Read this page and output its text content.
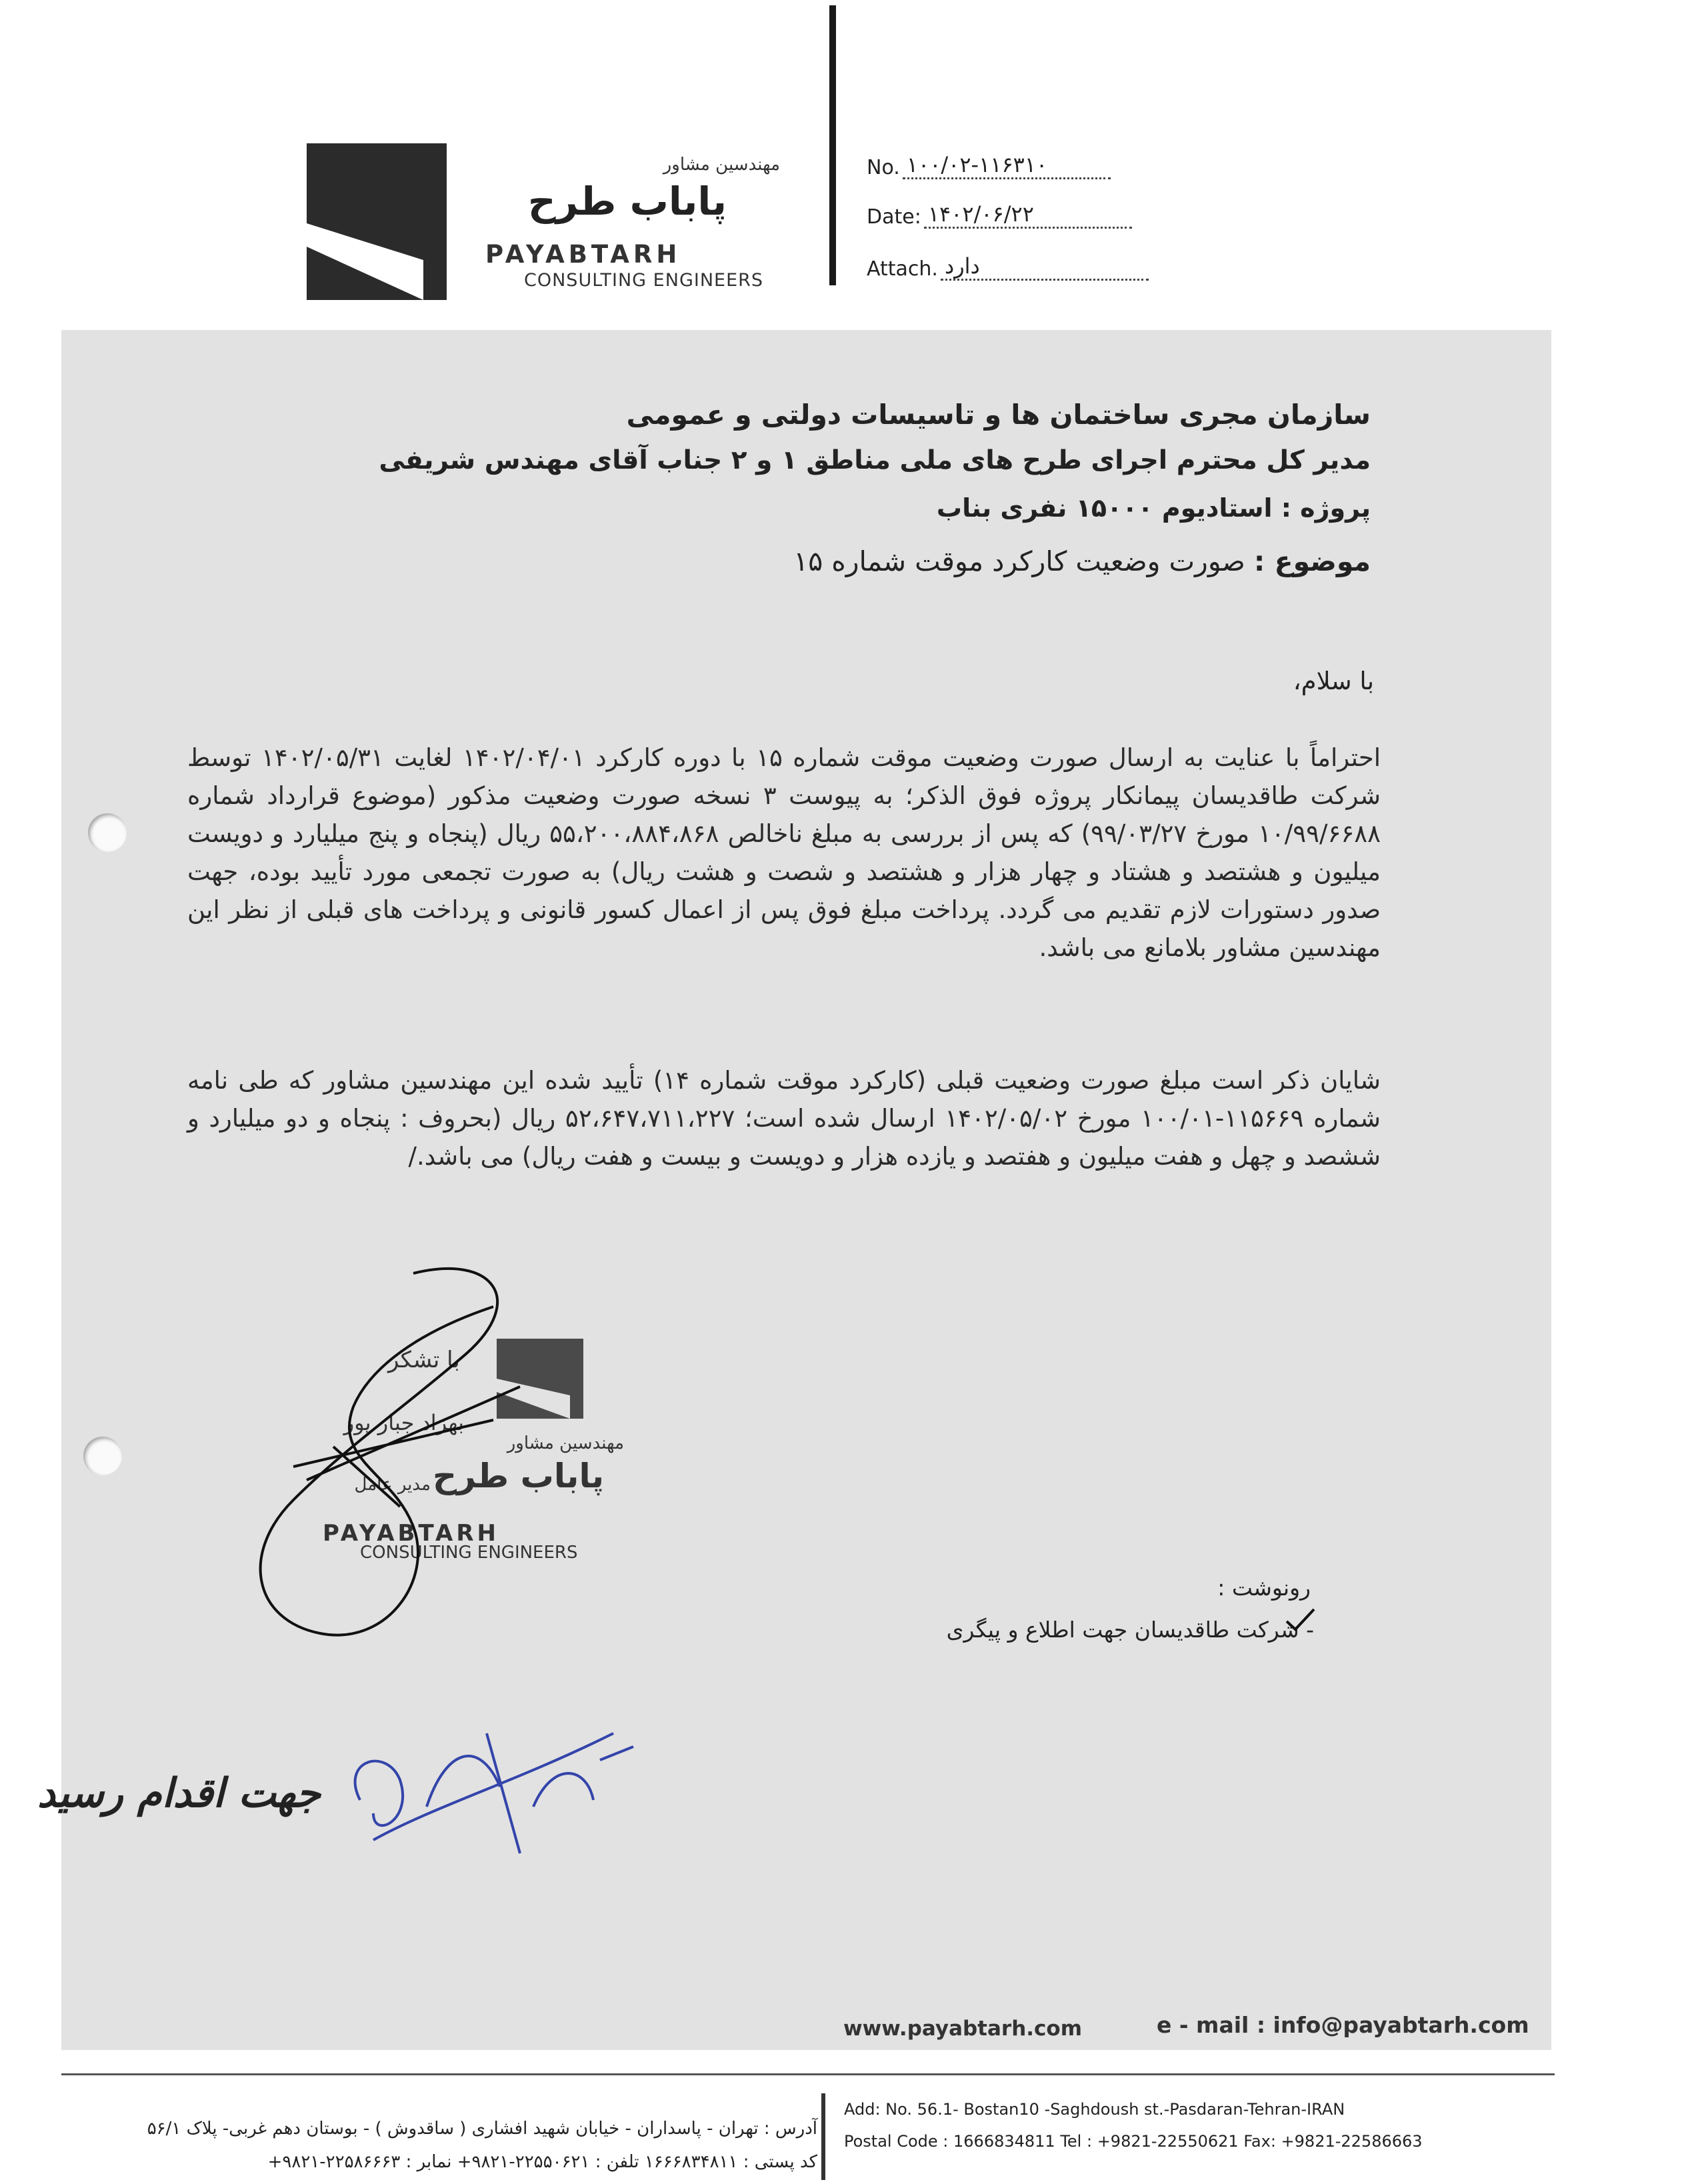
مهندسین مشاور
پاباب طرح
PAYABTARH
CONSULTING ENGINEERS
No. ۱۰۰/۰۲-۱۱۶۳۱۰
Date: ۱۴۰۲/۰۶/۲۲
Attach. دارد
سازمان مجری ساختمان ها و تاسیسات دولتی و عمومی
مدیر کل محترم اجرای طرح های ملی مناطق ۱ و ۲ جناب آقای مهندس شریفی
پروژه : استادیوم ۱۵۰۰۰ نفری بناب
موضوع : صورت وضعیت کارکرد موقت شماره ۱۵
با سلام،
احتراماً با عنایت به ارسال صورت وضعیت موقت شماره ۱۵ با دوره کارکرد ۱۴۰۲/۰۴/۰۱ لغایت ۱۴۰۲/۰۵/۳۱ توسط شرکت طاقدیسان پیمانکار پروژه فوق الذکر؛ به پیوست ۳ نسخه صورت وضعیت مذکور (موضوع قرارداد شماره ۱۰/۹۹/۶۶۸۸ مورخ ۹۹/۰۳/۲۷) که پس از بررسی به مبلغ ناخالص ۵۵،۲۰۰،۸۸۴،۸۶۸ ریال (پنجاه و پنج میلیارد و دویست میلیون و هشتصد و هشتاد و چهار هزار و هشتصد و شصت و هشت ریال) به صورت تجمعی مورد تأیید بوده، جهت صدور دستورات لازم تقدیم می گردد. پرداخت مبلغ فوق پس از اعمال کسور قانونی و پرداخت های قبلی از نظر این مهندسین مشاور بلامانع می باشد.
شایان ذکر است مبلغ صورت وضعیت قبلی (کارکرد موقت شماره ۱۴) تأیید شده این مهندسین مشاور که طی نامه شماره ۱۱۵۶۶۹-۱۰۰/۰۱ مورخ ۱۴۰۲/۰۵/۰۲ ارسال شده است؛ ۵۲،۶۴۷،۷۱۱،۲۲۷ ریال (بحروف : پنجاه و دو میلیارد و ششصد و چهل و هفت میلیون و هفتصد و یازده هزار و دویست و بیست و هفت ریال) می باشد./
با تشکر
بهزاد جبار پور
مهندسین مشاور
پاباب طرح
مدیر عامل
PAYABTARH
CONSULTING ENGINEERS
رونوشت :
- شرکت طاقدیسان جهت اطلاع و پیگری
جهت اقدام رسید
www.payabtarh.com	e - mail : info@payabtarh.com
آدرس : تهران - پاسداران - خیابان شهید افشاری ( ساقدوش ) - بوستان دهم غربی- پلاک ۵۶/۱
کد پستی : ۱۶۶۶۸۳۴۸۱۱ تلفن : ۲۲۵۵۰۶۲۱-۹۸۲۱+ نمابر : ۲۲۵۸۶۶۶۳-۹۸۲۱+
Add: No. 56.1- Bostan10 -Saghdoush st.-Pasdaran-Tehran-IRAN
Postal Code : 1666834811 Tel : +9821-22550621 Fax: +9821-22586663
